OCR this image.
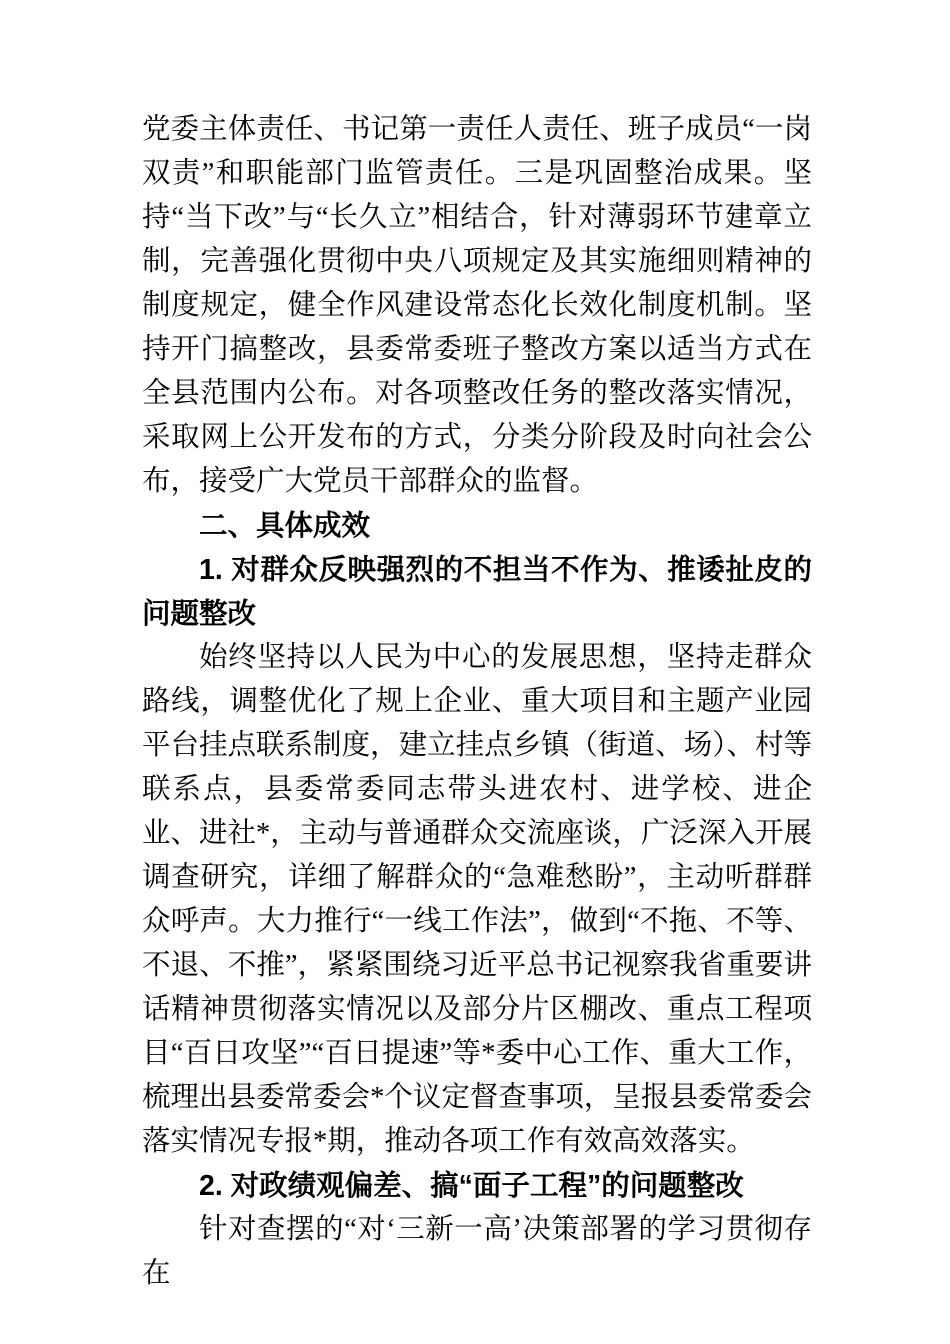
党委主体责任、书记第一责任人责任、班子成员“一岗双责”和职能部门监管责任。三是巩固整治成果。坚持“当下改”与“长久立”相结合，针对薄弱环节建章立制，完善强化贯彻中央八项规定及其实施细则精神的制度规定，健全作风建设常态化长效化制度机制。坚持开门搞整改，县委常委班子整改方案以适当方式在全县范围内公布。对各项整改任务的整改落实情况，采取网上公开发布的方式，分类分阶段及时向社会公布，接受广大党员干部群众的监督。

二、具体成效

1. 对群众反映强烈的不担当不作为、推诿扯皮的问题整改

始终坚持以人民为中心的发展思想，坚持走群众路线，调整优化了规上企业、重大项目和主题产业园平台挂点联系制度，建立挂点乡镇（街道、场）、村等联系点，县委常委同志带头进农村、进学校、进企业、进社*，主动与普通群众交流座谈，广泛深入开展调查研究，详细了解群众的“急难愁盼”，主动听群群众呼声。大力推行“一线工作法”，做到“不拖、不等、不退、不推”，紧紧围绕习近平总书记视察我省重要讲话精神贯彻落实情况以及部分片区棚改、重点工程项目“百日攻坚”“百日提速”等*委中心工作、重大工作，梳理出县委常委会*个议定督查事项，呈报县委常委会落实情况专报*期，推动各项工作有效高效落实。

2. 对政绩观偏差、搞“面子工程”的问题整改

针对查摆的“对‘三新一高’决策部署的学习贯彻存在
